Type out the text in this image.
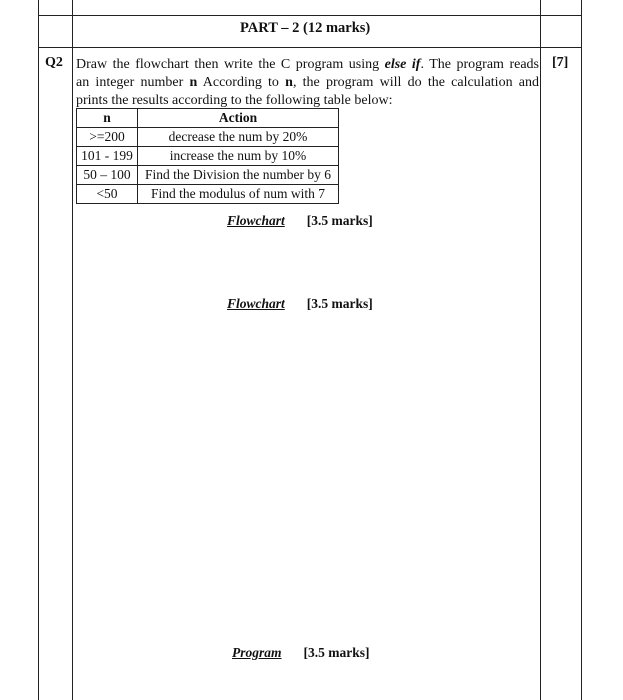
PART – 2 (12 marks)
Q2	[7]
Draw the flowchart then write the C program using else if. The program reads
an integer number n According to n, the program will do the calculation and
prints the results according to the following table below:
n	Action
>=200	decrease the num by 20%
101 - 199	increase the num by 10%
50 – 100	Find the Division the number by 6
<50	Find the modulus of num with 7
Flowchart [3.5 marks]
Flowchart [3.5 marks]
Program [3.5 marks]
